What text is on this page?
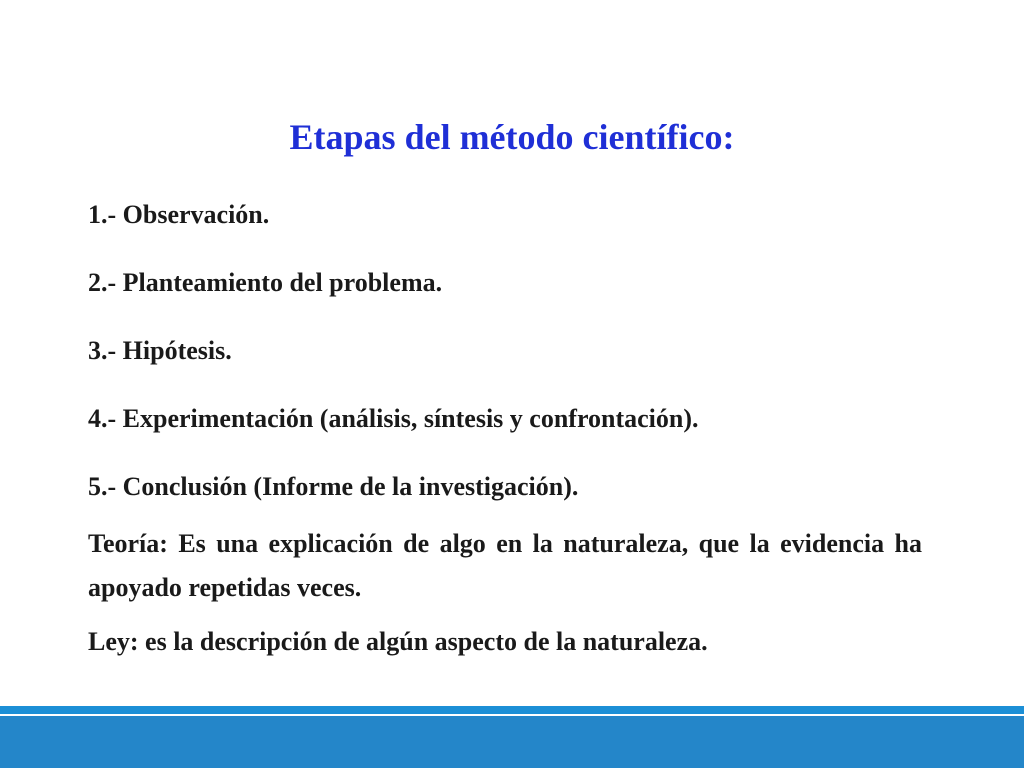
Etapas del método científico:
1.- Observación.
2.- Planteamiento del problema.
3.- Hipótesis.
4.- Experimentación (análisis, síntesis y confrontación).
5.- Conclusión (Informe de la investigación).
Teoría: Es una explicación de algo en la naturaleza, que la evidencia ha apoyado repetidas veces.
Ley: es la descripción de algún aspecto de la naturaleza.
